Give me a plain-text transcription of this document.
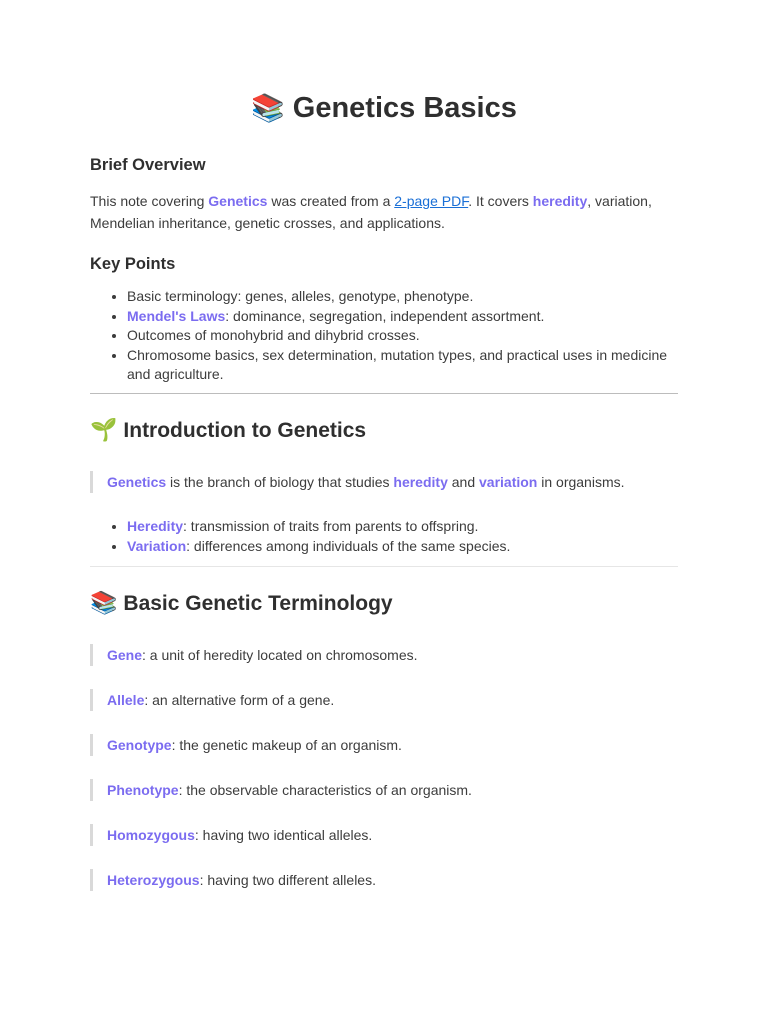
📚 Genetics Basics
Brief Overview
This note covering Genetics was created from a 2-page PDF. It covers heredity, variation, Mendelian inheritance, genetic crosses, and applications.
Key Points
• Basic terminology: genes, alleles, genotype, phenotype.
• Mendel's Laws: dominance, segregation, independent assortment.
• Outcomes of monohybrid and dihybrid crosses.
• Chromosome basics, sex determination, mutation types, and practical uses in medicine and agriculture.
🌱 Introduction to Genetics
Genetics is the branch of biology that studies heredity and variation in organisms.
• Heredity: transmission of traits from parents to offspring.
• Variation: differences among individuals of the same species.
📚 Basic Genetic Terminology
Gene: a unit of heredity located on chromosomes.
Allele: an alternative form of a gene.
Genotype: the genetic makeup of an organism.
Phenotype: the observable characteristics of an organism.
Homozygous: having two identical alleles.
Heterozygous: having two different alleles.
